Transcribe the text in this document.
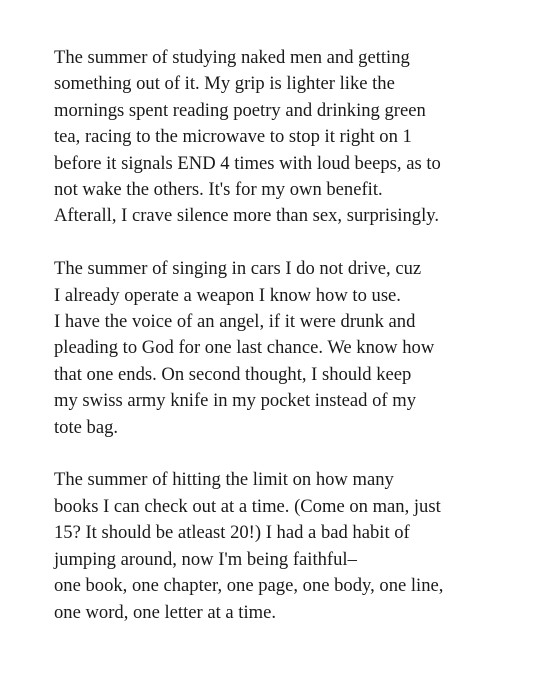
The summer of studying naked men and getting
something out of it. My grip is lighter like the
mornings spent reading poetry and drinking green
tea, racing to the microwave to stop it right on 1
before it signals END 4 times with loud beeps, as to
not wake the others. It's for my own benefit.
Afterall, I crave silence more than sex, surprisingly.

The summer of singing in cars I do not drive, cuz
I already operate a weapon I know how to use.
I have the voice of an angel, if it were drunk and
pleading to God for one last chance. We know how
that one ends. On second thought, I should keep
my swiss army knife in my pocket instead of my
tote bag.

The summer of hitting the limit on how many
books I can check out at a time. (Come on man, just
15? It should be atleast 20!) I had a bad habit of
jumping around, now I'm being faithful–
one book, one chapter, one page, one body, one line,
one word, one letter at a time.
